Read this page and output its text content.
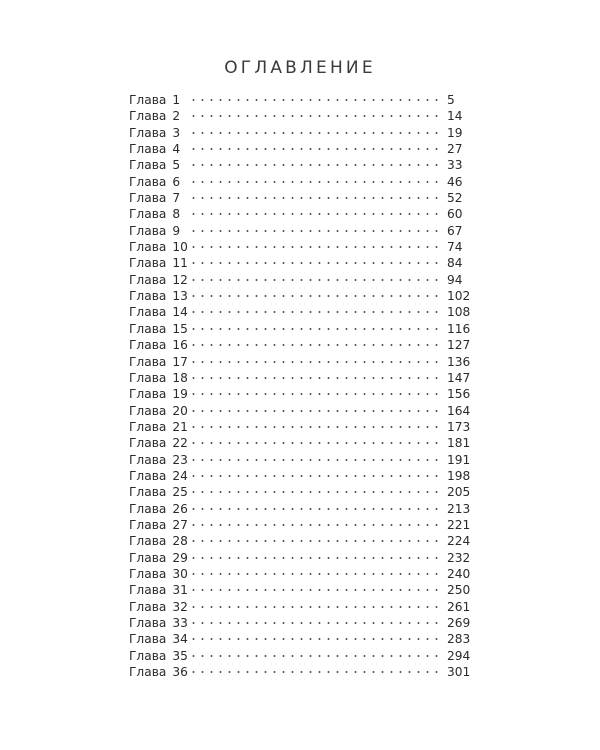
ОГЛАВЛЕНИЕ
Глава 1	5
Глава 2	14
Глава 3	19
Глава 4	27
Глава 5	33
Глава 6	46
Глава 7	52
Глава 8	60
Глава 9	67
Глава 10	74
Глава 11	84
Глава 12	94
Глава 13	102
Глава 14	108
Глава 15	116
Глава 16	127
Глава 17	136
Глава 18	147
Глава 19	156
Глава 20	164
Глава 21	173
Глава 22	181
Глава 23	191
Глава 24	198
Глава 25	205
Глава 26	213
Глава 27	221
Глава 28	224
Глава 29	232
Глава 30	240
Глава 31	250
Глава 32	261
Глава 33	269
Глава 34	283
Глава 35	294
Глава 36	301
